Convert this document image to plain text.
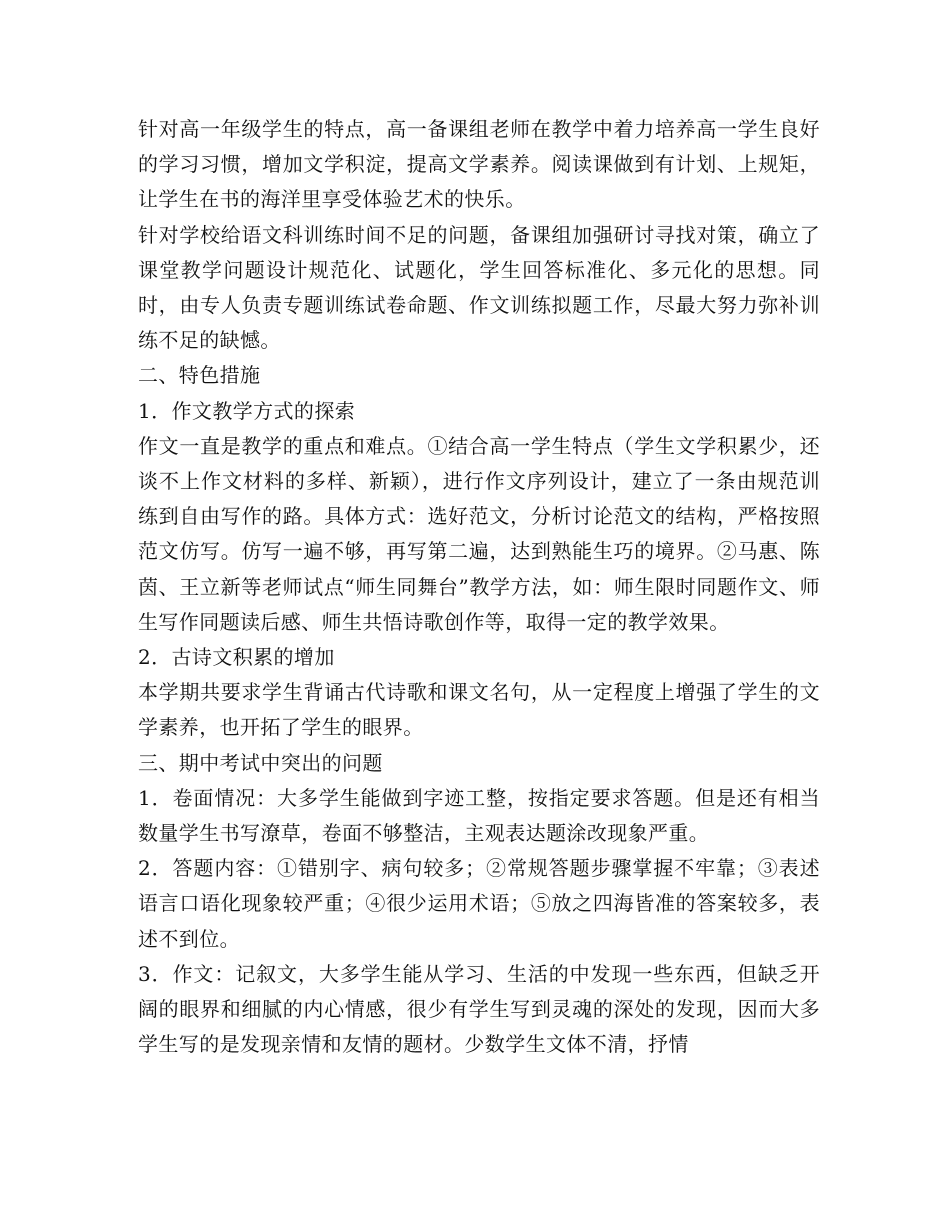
针对高一年级学生的特点，高一备课组老师在教学中着力培养高一学生良好的学习习惯，增加文学积淀，提高文学素养。阅读课做到有计划、上规矩，让学生在书的海洋里享受体验艺术的快乐。

针对学校给语文科训练时间不足的问题，备课组加强研讨寻找对策，确立了课堂教学问题设计规范化、试题化，学生回答标准化、多元化的思想。同时，由专人负责专题训练试卷命题、作文训练拟题工作，尽最大努力弥补训练不足的缺憾。

二、特色措施

1．作文教学方式的探索

作文一直是教学的重点和难点。①结合高一学生特点（学生文学积累少，还谈不上作文材料的多样、新颖），进行作文序列设计，建立了一条由规范训练到自由写作的路。具体方式：选好范文，分析讨论范文的结构，严格按照范文仿写。仿写一遍不够，再写第二遍，达到熟能生巧的境界。②马惠、陈茵、王立新等老师试点“师生同舞台”教学方法，如：师生限时同题作文、师生写作同题读后感、师生共悟诗歌创作等，取得一定的教学效果。

2．古诗文积累的增加

本学期共要求学生背诵古代诗歌和课文名句，从一定程度上增强了学生的文学素养，也开拓了学生的眼界。

三、期中考试中突出的问题

1．卷面情况：大多学生能做到字迹工整，按指定要求答题。但是还有相当数量学生书写潦草，卷面不够整洁，主观表达题涂改现象严重。

2．答题内容：①错别字、病句较多；②常规答题步骤掌握不牢靠；③表述语言口语化现象较严重；④很少运用术语；⑤放之四海皆准的答案较多，表述不到位。

3．作文：记叙文，大多学生能从学习、生活的中发现一些东西，但缺乏开阔的眼界和细腻的内心情感，很少有学生写到灵魂的深处的发现，因而大多学生写的是发现亲情和友情的题材。少数学生文体不清，抒情
